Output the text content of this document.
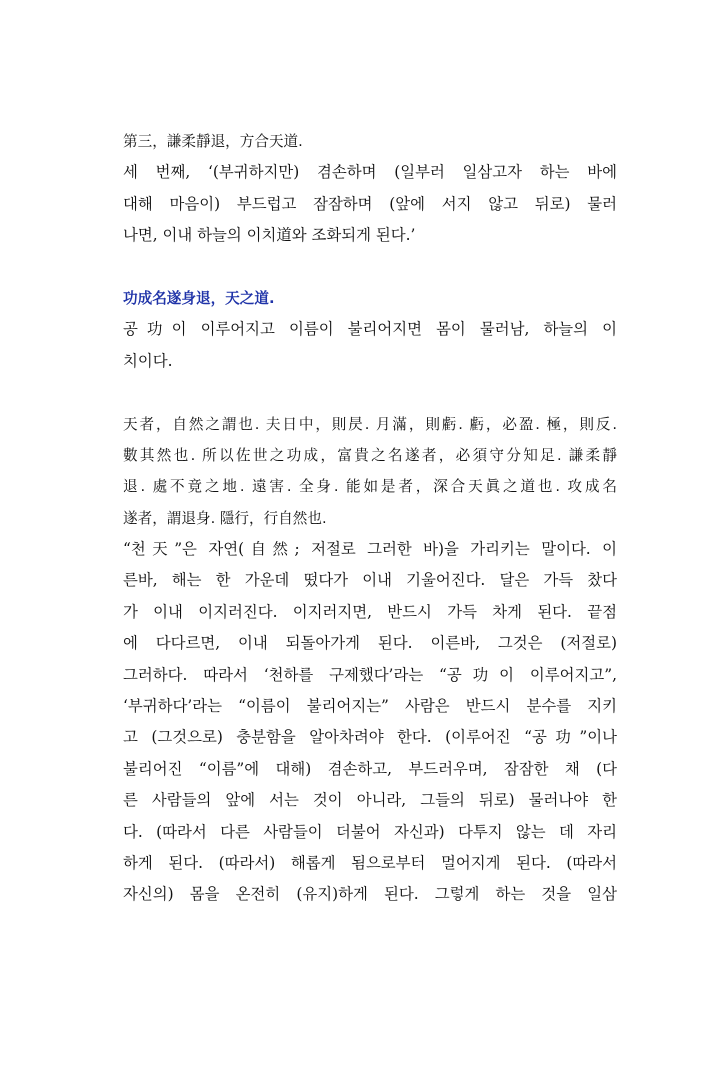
第三，謙柔靜退，方合天道.
세 번째, ‘(부귀하지만) 겸손하며 (일부러 일삼고자 하는 바에
대해 마음이) 부드럽고 잠잠하며 (앞에 서지 않고 뒤로) 물러
나면, 이내 하늘의 이치道와 조화되게 된다.’
功成名遂身退，天之道.
공功이 이루어지고 이름이 불리어지면 몸이 물러남, 하늘의 이
치이다.
天者，自然之謂也. 夫日中，則昃. 月滿，則虧. 虧，必盈. 極，則反.
數其然也. 所以佐世之功成，富貴之名遂者，必須守分知足. 謙柔靜
退. 處不竟之地. 遠害. 全身. 能如是者，深合天眞之道也. 攻成名
遂者，謂退身. 隱行，行自然也.
“천天”은 자연(自然; 저절로 그러한 바)을 가리키는 말이다. 이
른바, 해는 한 가운데 떴다가 이내 기울어진다. 달은 가득 찼다
가 이내 이지러진다. 이지러지면, 반드시 가득 차게 된다. 끝점
에 다다르면, 이내 되돌아가게 된다. 이른바, 그것은 (저절로)
그러하다. 따라서 ‘천하를 구제했다’라는 “공功이 이루어지고”,
‘부귀하다’라는 “이름이 불리어지는” 사람은 반드시 분수를 지키
고 (그것으로) 충분함을 알아차려야 한다. (이루어진 “공功”이나
불리어진 “이름”에 대해) 겸손하고, 부드러우며, 잠잠한 채 (다
른 사람들의 앞에 서는 것이 아니라, 그들의 뒤로) 물러나야 한
다. (따라서 다른 사람들이 더불어 자신과) 다투지 않는 데 자리
하게 된다. (따라서) 해롭게 됨으로부터 멀어지게 된다. (따라서
자신의) 몸을 온전히 (유지)하게 된다. 그렇게 하는 것을 일삼
